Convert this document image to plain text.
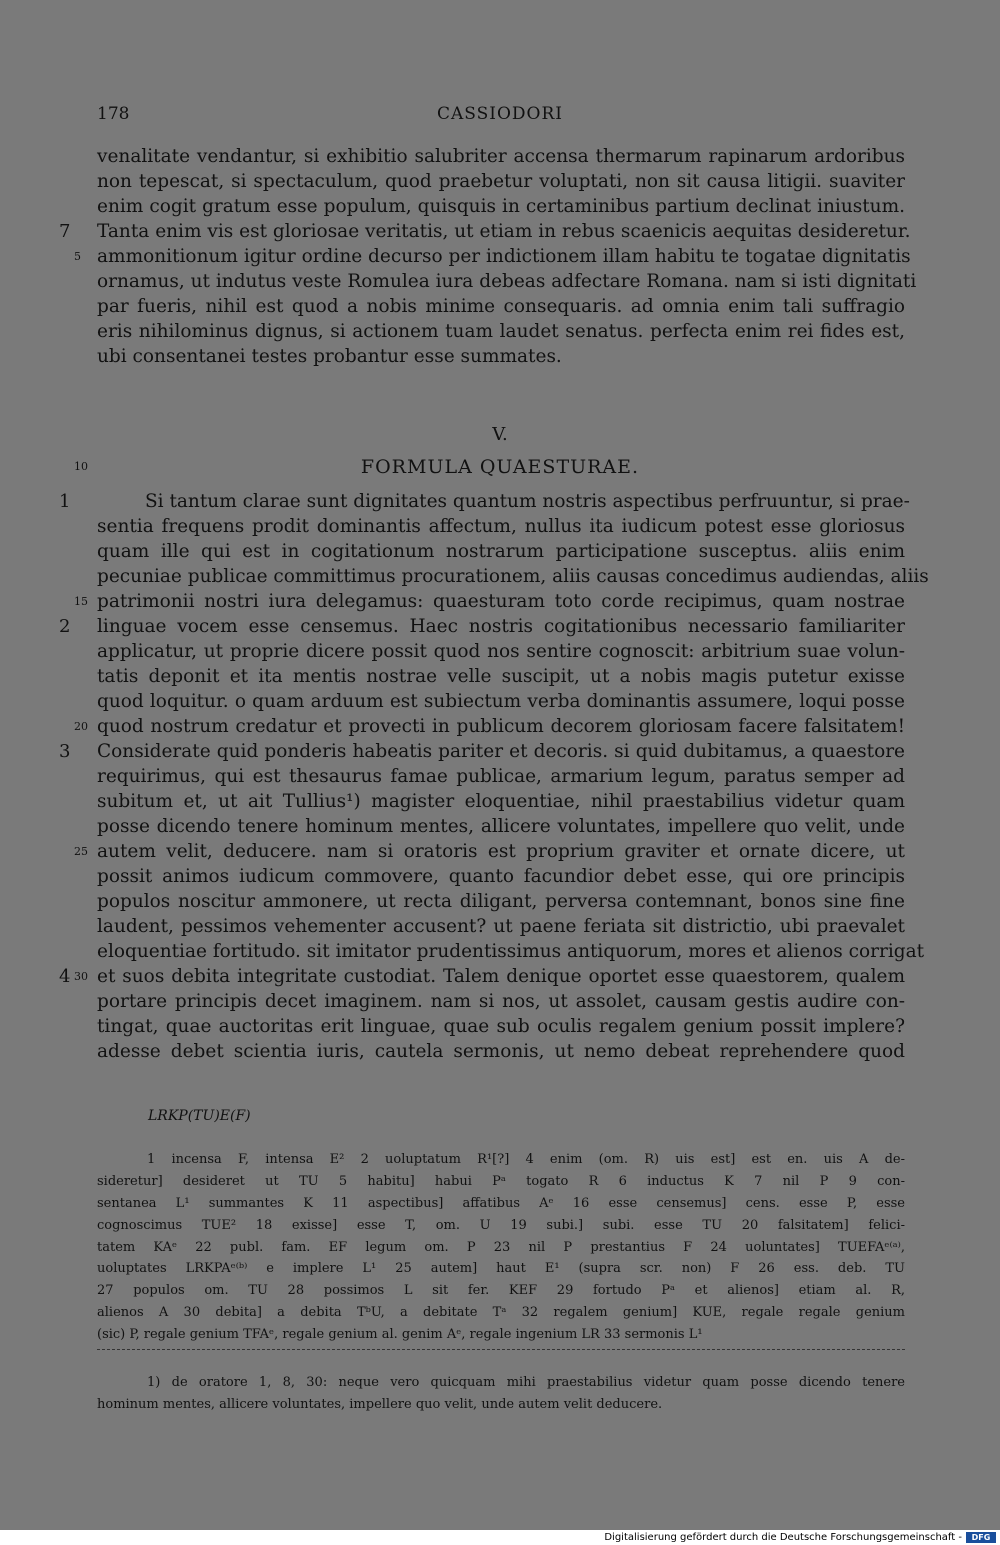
178	CASSIODORI
venalitate vendantur, si exhibitio salubriter accensa thermarum rapinarum ardoribus
non tepescat, si spectaculum, quod praebetur voluptati, non sit causa litigii. suaviter
enim cogit gratum esse populum, quisquis in certaminibus partium declinat iniustum.
Tanta enim vis est gloriosae veritatis, ut etiam in rebus scaenicis aequitas desideretur.
ammonitionum igitur ordine decurso per indictionem illam habitu te togatae dignitatis
ornamus, ut indutus veste Romulea iura debeas adfectare Romana. nam si isti dignitati
par fueris, nihil est quod a nobis minime consequaris. ad omnia enim tali suffragio
eris nihilominus dignus, si actionem tuam laudet senatus. perfecta enim rei fides est,
ubi consentanei testes probantur esse summates.
7
5
V.
FORMULA QUAESTURAE.
10
Si tantum clarae sunt dignitates quantum nostris aspectibus perfruuntur, si prae-
sentia frequens prodit dominantis affectum, nullus ita iudicum potest esse gloriosus
quam ille qui est in cogitationum nostrarum participatione susceptus. aliis enim
pecuniae publicae committimus procurationem, aliis causas concedimus audiendas, aliis
patrimonii nostri iura delegamus: quaesturam toto corde recipimus, quam nostrae
linguae vocem esse censemus. Haec nostris cogitationibus necessario familiariter
applicatur, ut proprie dicere possit quod nos sentire cognoscit: arbitrium suae volun-
tatis deponit et ita mentis nostrae velle suscipit, ut a nobis magis putetur exisse
quod loquitur. o quam arduum est subiectum verba dominantis assumere, loqui posse
quod nostrum credatur et provecti in publicum decorem gloriosam facere falsitatem!
Considerate quid ponderis habeatis pariter et decoris. si quid dubitamus, a quaestore
requirimus, qui est thesaurus famae publicae, armarium legum, paratus semper ad
subitum et, ut ait Tullius¹) magister eloquentiae, nihil praestabilius videtur quam
posse dicendo tenere hominum mentes, allicere voluntates, impellere quo velit, unde
autem velit, deducere. nam si oratoris est proprium graviter et ornate dicere, ut
possit animos iudicum commovere, quanto facundior debet esse, qui ore principis
populos noscitur ammonere, ut recta diligant, perversa contemnant, bonos sine fine
laudent, pessimos vehementer accusent? ut paene feriata sit districtio, ubi praevalet
eloquentiae fortitudo. sit imitator prudentissimus antiquorum, mores et alienos corrigat
et suos debita integritate custodiat. Talem denique oportet esse quaestorem, qualem
portare principis decet imaginem. nam si nos, ut assolet, causam gestis audire con-
tingat, quae auctoritas erit linguae, quae sub oculis regalem genium possit implere?
adesse debet scientia iuris, cautela sermonis, ut nemo debeat reprehendere quod
1
15
2
20
3
25
4 30
LRKP(TU)E(F)
1 incensa F, intensa E² 2 uoluptatum R¹[?] 4 enim (om. R) uis est] est en. uis A de-
sideretur] desideret ut TU 5 habitu] habui Pᵃ togato R 6 inductus K 7 nil P 9 con-
sentanea L¹ summantes K 11 aspectibus] affatibus Aᵉ 16 esse censemus] cens. esse P, esse
cognoscimus TUE² 18 exisse] esse T, om. U 19 subi.] subi. esse TU 20 falsitatem] felici-
tatem KAᵉ 22 publ. fam. EF legum om. P 23 nil P prestantius F 24 uoluntates] TUEFAᵉ⁽ᵃ⁾,
uoluptates LRKPAᵉ⁽ᵇ⁾ e implere L¹ 25 autem] haut E¹ (supra scr. non) F 26 ess. deb. TU
27 populos om. TU 28 possimos L sit fer. KEF 29 fortudo Pᵃ et alienos] etiam al. R,
alienos A 30 debita] a debita TᵇU, a debitate Tᵃ 32 regalem genium] KUE, regale regale genium
(sic) P, regale genium TFAᵉ, regale genium al. genim Aᵉ, regale ingenium LR 33 sermonis L¹
1) de oratore 1, 8, 30: neque vero quicquam mihi praestabilius videtur quam posse dicendo tenere
hominum mentes, allicere voluntates, impellere quo velit, unde autem velit deducere.
Digitalisierung gefördert durch die Deutsche Forschungsgemeinschaft -	DFG
